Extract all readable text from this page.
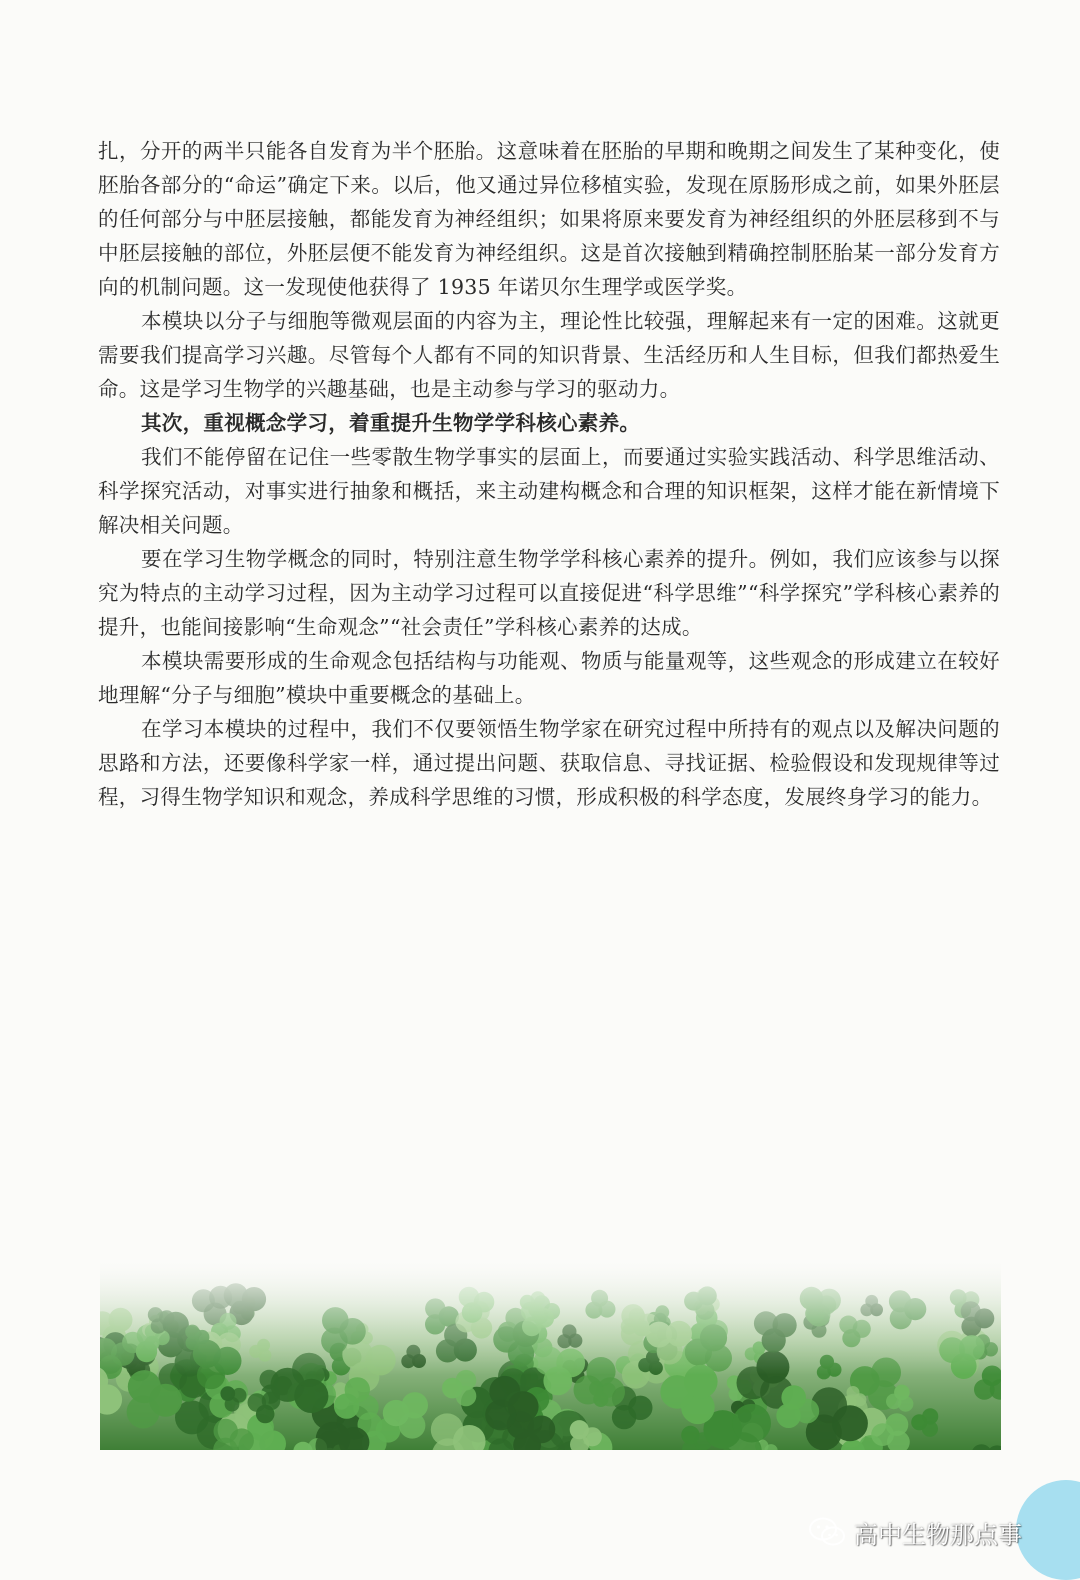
扎，分开的两半只能各自发育为半个胚胎。这意味着在胚胎的早期和晚期之间发生了某种变化，使胚胎各部分的“命运”确定下来。以后，他又通过异位移植实验，发现在原肠形成之前，如果外胚层的任何部分与中胚层接触，都能发育为神经组织；如果将原来要发育为神经组织的外胚层移到不与中胚层接触的部位，外胚层便不能发育为神经组织。这是首次接触到精确控制胚胎某一部分发育方向的机制问题。这一发现使他获得了 1935 年诺贝尔生理学或医学奖。

本模块以分子与细胞等微观层面的内容为主，理论性比较强，理解起来有一定的困难。这就更需要我们提高学习兴趣。尽管每个人都有不同的知识背景、生活经历和人生目标，但我们都热爱生命。这是学习生物学的兴趣基础，也是主动参与学习的驱动力。

其次，重视概念学习，着重提升生物学学科核心素养。

我们不能停留在记住一些零散生物学事实的层面上，而要通过实验实践活动、科学思维活动、科学探究活动，对事实进行抽象和概括，来主动建构概念和合理的知识框架，这样才能在新情境下解决相关问题。

要在学习生物学概念的同时，特别注意生物学学科核心素养的提升。例如，我们应该参与以探究为特点的主动学习过程，因为主动学习过程可以直接促进“科学思维”“科学探究”学科核心素养的提升，也能间接影响“生命观念”“社会责任”学科核心素养的达成。

本模块需要形成的生命观念包括结构与功能观、物质与能量观等，这些观念的形成建立在较好地理解“分子与细胞”模块中重要概念的基础上。

在学习本模块的过程中，我们不仅要领悟生物学家在研究过程中所持有的观点以及解决问题的思路和方法，还要像科学家一样，通过提出问题、获取信息、寻找证据、检验假设和发现规律等过程，习得生物学知识和观念，养成科学思维的习惯，形成积极的科学态度，发展终身学习的能力。

高中生物那点事
